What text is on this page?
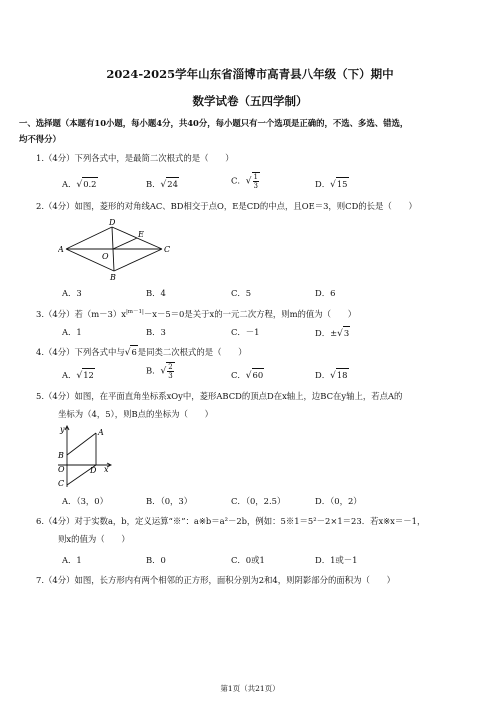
2024-2025学年山东省淄博市高青县八年级（下）期中
数学试卷（五四学制）
一、选择题（本题有10小题，每小题4分，共40分，每小题只有一个选项是正确的，不选、多选、错选，
均不得分）
1.（4分）下列各式中，是最简二次根式的是（　　）
A．√0.2	B．√24	C．√ $\frac{1}{3}$	D．√15
2.（4分）如图，菱形的对角线AC、BD相交于点O，E是CD的中点，且OE＝3，则CD的长是（　　）
A
D
C
B
E
O
A．3	B．4	C．5	D．6
3.（4分）若$(m-3)x^{|m-1|}-x-5=0$是关于x的一元二次方程，则m的值为（　　）
A．1	B．3	C．－1	D．±√3
4.（4分）下列各式中与√6是同类二次根式的是（　　）
A．√12	B．√ $\frac{2}{3}$	C．√60	D．√18
5.（4分）如图，在平面直角坐标系xOy中，菱形ABCD的顶点D在x轴上，边BC在y轴上，若点A的
坐标为（4，5），则B点的坐标为（　　）
y	A
B
O	D x
C
A．（3，0）	B．（0，3）	C．（0，2.5）	D．（0，2）
6.（4分）对于实数a，b，定义运算“※”：a※b＝a²－2b，例如：5※1＝5²－2×1＝23．若x※x＝－1，
则x的值为（　　）
A．1	B．0	C．0或1	D．1或－1
7.（4分）如图，长方形内有两个相邻的正方形，面积分别为2和4，则阴影部分的面积为（　　）
第1页（共21页）
